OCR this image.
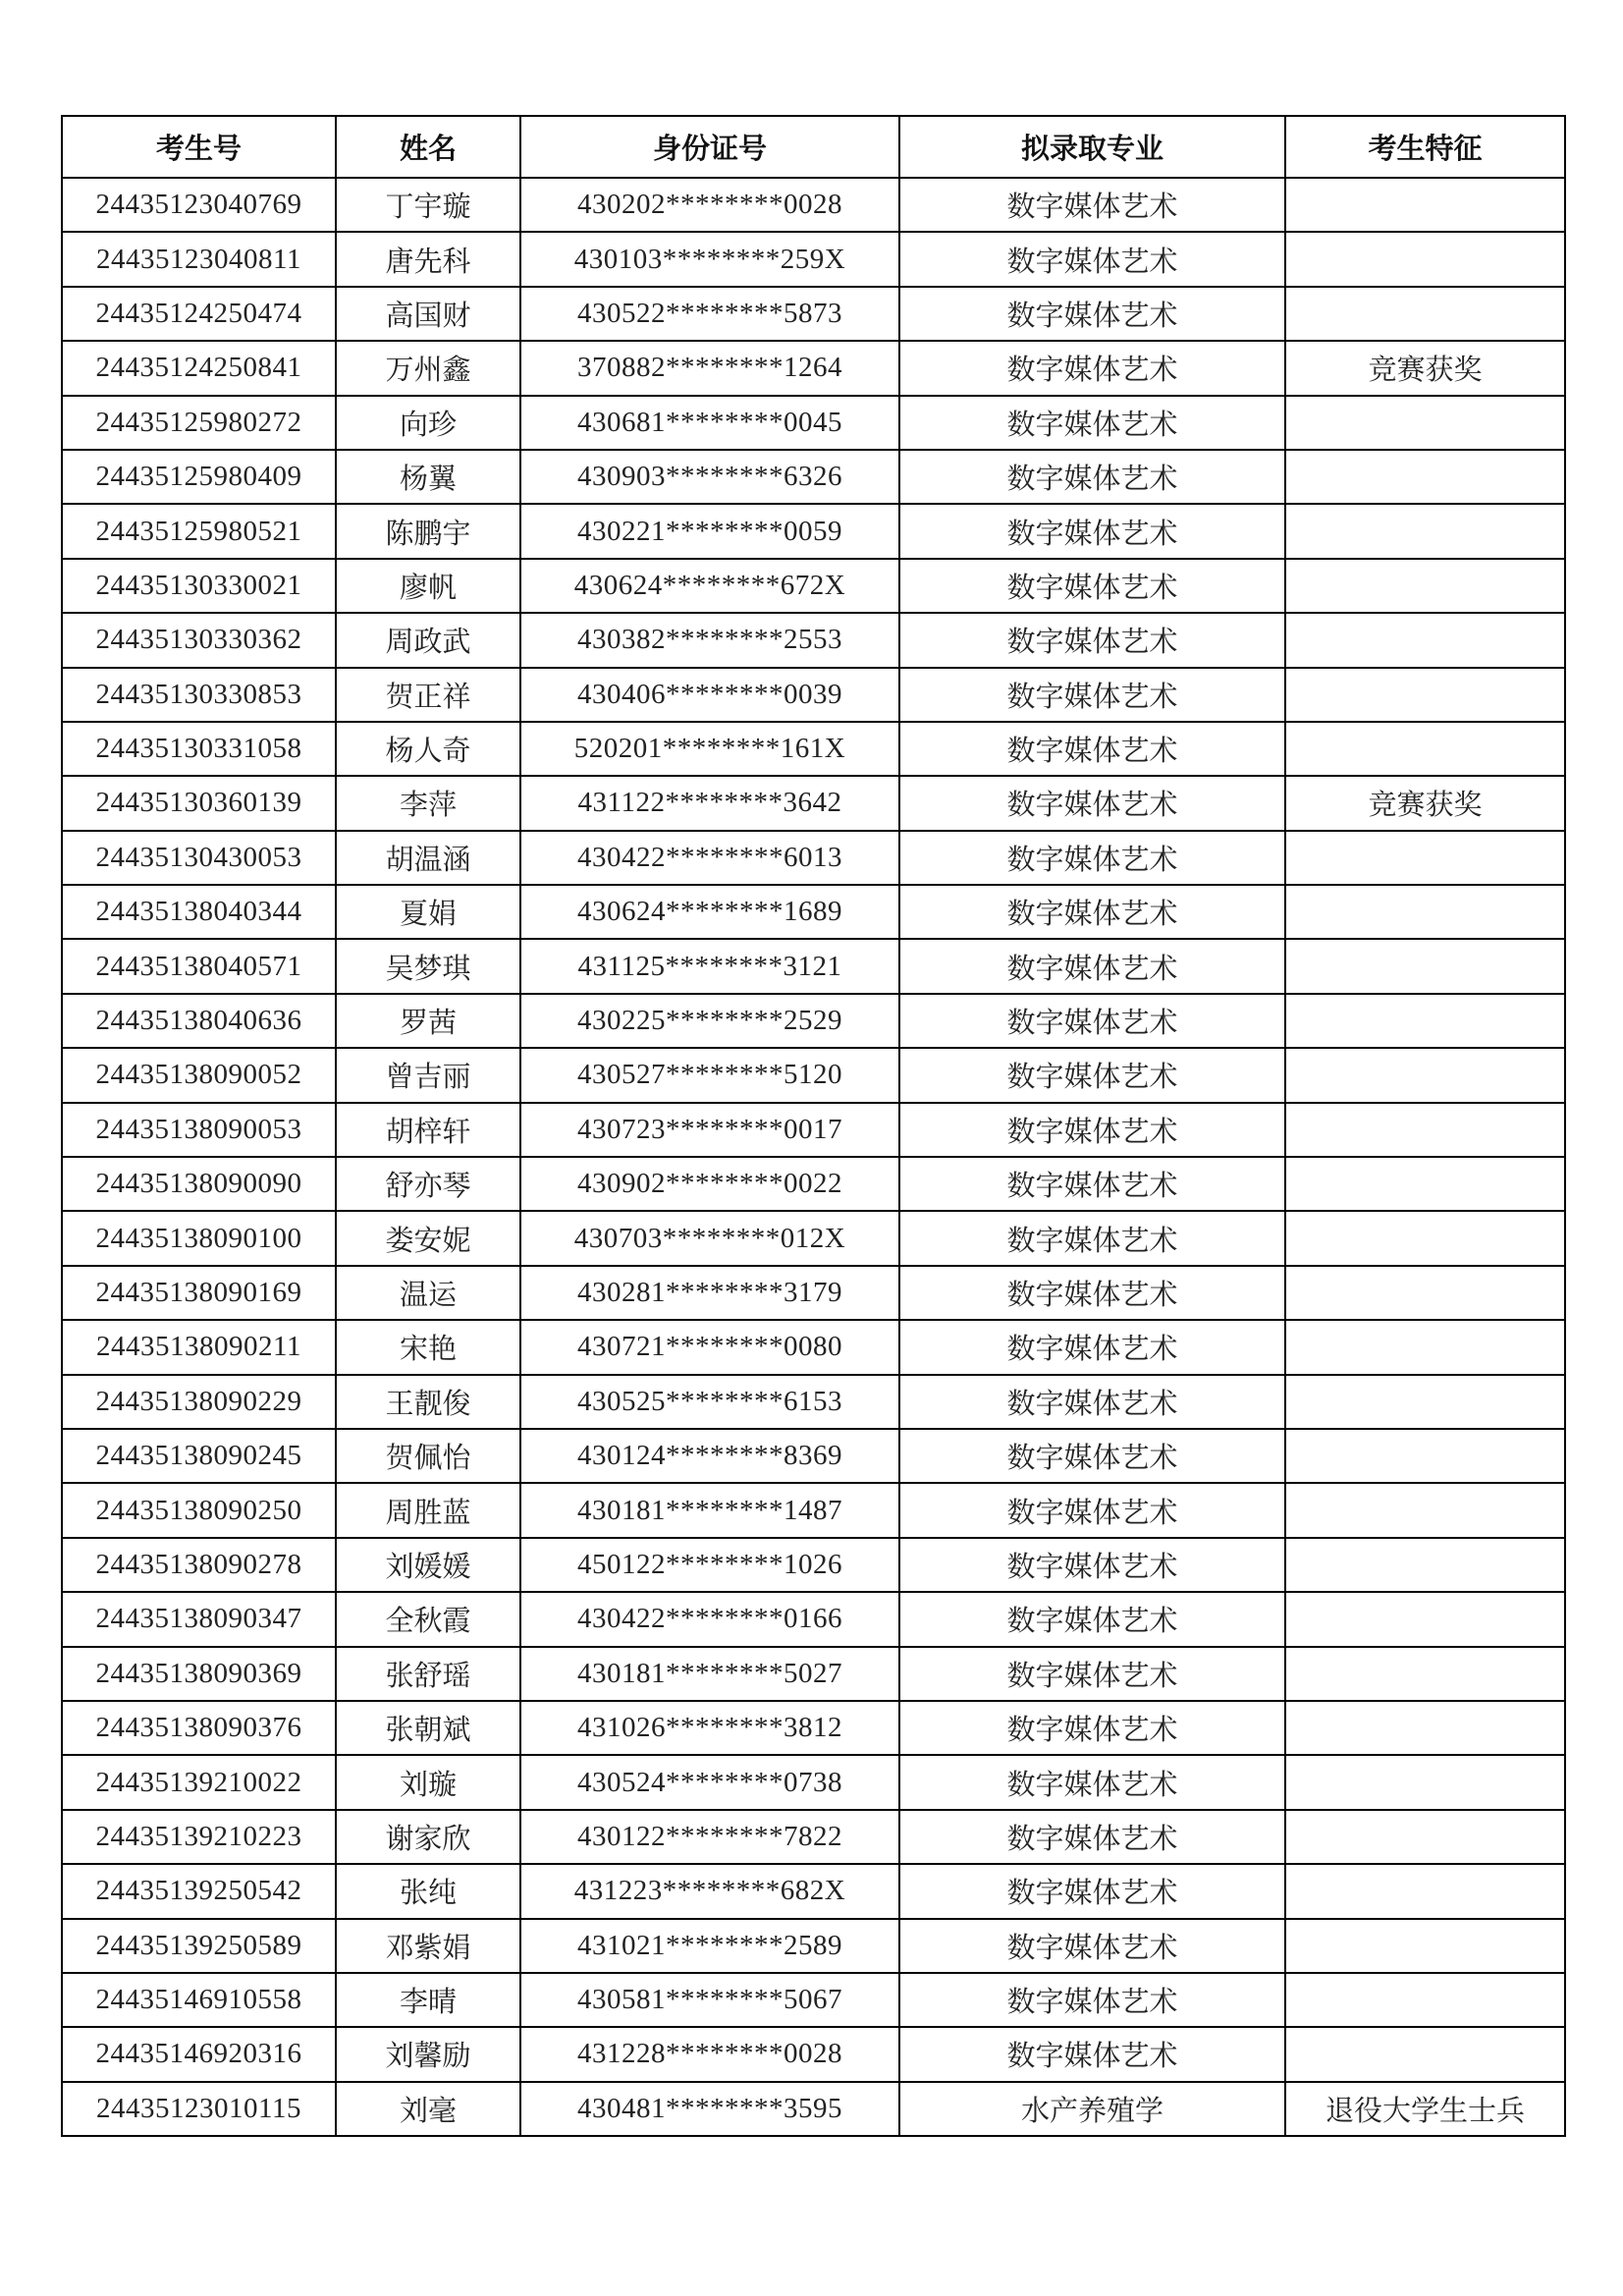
考生号	姓名	身份证号	拟录取专业	考生特征
24435123040769	丁宇璇	430202********0028	数字媒体艺术	
24435123040811	唐先科	430103********259X	数字媒体艺术	
24435124250474	高国财	430522********5873	数字媒体艺术	
24435124250841	万州鑫	370882********1264	数字媒体艺术	竞赛获奖
24435125980272	向珍	430681********0045	数字媒体艺术	
24435125980409	杨翼	430903********6326	数字媒体艺术	
24435125980521	陈鹏宇	430221********0059	数字媒体艺术	
24435130330021	廖帆	430624********672X	数字媒体艺术	
24435130330362	周政武	430382********2553	数字媒体艺术	
24435130330853	贺正祥	430406********0039	数字媒体艺术	
24435130331058	杨人奇	520201********161X	数字媒体艺术	
24435130360139	李萍	431122********3642	数字媒体艺术	竞赛获奖
24435130430053	胡温涵	430422********6013	数字媒体艺术	
24435138040344	夏娟	430624********1689	数字媒体艺术	
24435138040571	吴梦琪	431125********3121	数字媒体艺术	
24435138040636	罗茜	430225********2529	数字媒体艺术	
24435138090052	曾吉丽	430527********5120	数字媒体艺术	
24435138090053	胡梓轩	430723********0017	数字媒体艺术	
24435138090090	舒亦琴	430902********0022	数字媒体艺术	
24435138090100	娄安妮	430703********012X	数字媒体艺术	
24435138090169	温运	430281********3179	数字媒体艺术	
24435138090211	宋艳	430721********0080	数字媒体艺术	
24435138090229	王靓俊	430525********6153	数字媒体艺术	
24435138090245	贺佩怡	430124********8369	数字媒体艺术	
24435138090250	周胜蓝	430181********1487	数字媒体艺术	
24435138090278	刘媛媛	450122********1026	数字媒体艺术	
24435138090347	全秋霞	430422********0166	数字媒体艺术	
24435138090369	张舒瑶	430181********5027	数字媒体艺术	
24435138090376	张朝斌	431026********3812	数字媒体艺术	
24435139210022	刘璇	430524********0738	数字媒体艺术	
24435139210223	谢家欣	430122********7822	数字媒体艺术	
24435139250542	张纯	431223********682X	数字媒体艺术	
24435139250589	邓紫娟	431021********2589	数字媒体艺术	
24435146910558	李晴	430581********5067	数字媒体艺术	
24435146920316	刘馨励	431228********0028	数字媒体艺术	
24435123010115	刘毫	430481********3595	水产养殖学	退役大学生士兵
